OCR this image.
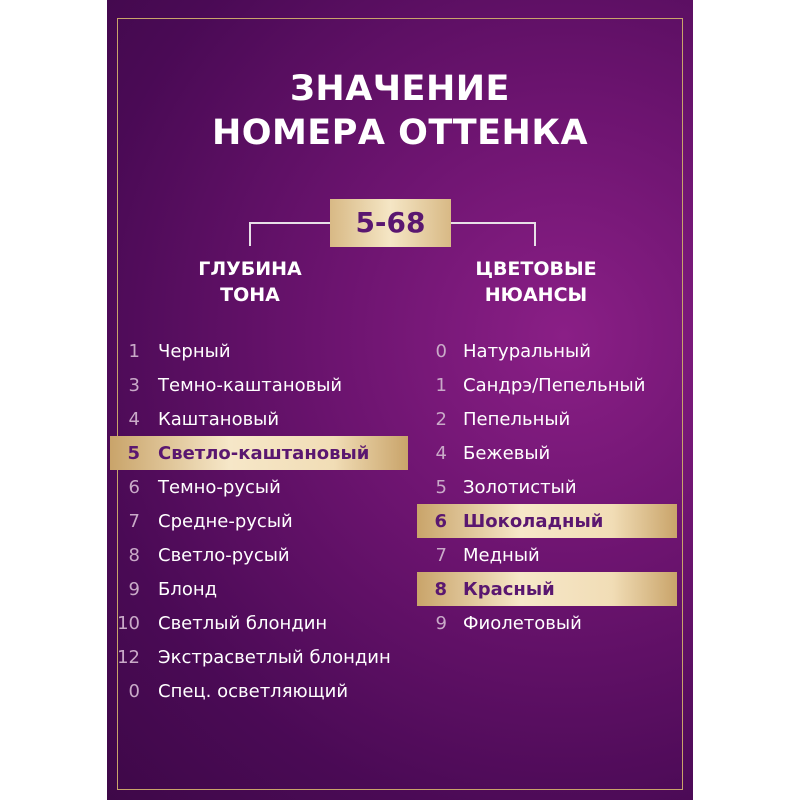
ЗНАЧЕНИЕ
НОМЕРА ОТТЕНКА
5-68
ГЛУБИНА
ТОНА
ЦВЕТОВЫЕ
НЮАНСЫ
1 Черный
3 Темно-каштановый
4 Каштановый
5 Светло-каштановый
6 Темно-русый
7 Средне-русый
8 Светло-русый
9 Блонд
10 Светлый блондин
12 Экстрасветлый блондин
0 Спец. осветляющий
0 Натуральный
1 Сандрэ/Пепельный
2 Пепельный
4 Бежевый
5 Золотистый
6 Шоколадный
7 Медный
8 Красный
9 Фиолетовый
